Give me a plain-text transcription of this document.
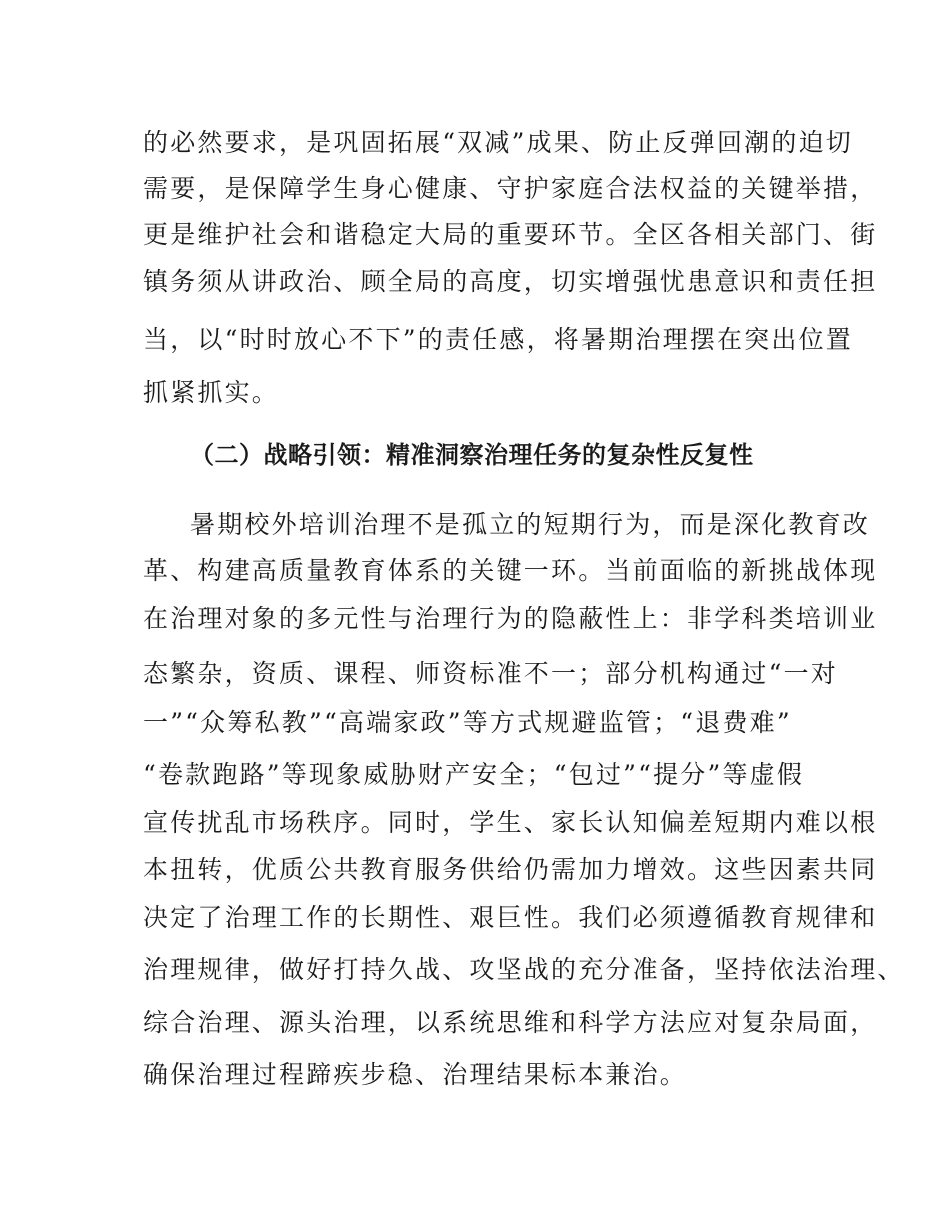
的必然要求，是巩固拓展“双减”成果、防止反弹回潮的迫切
需要，是保障学生身心健康、守护家庭合法权益的关键举措，
更是维护社会和谐稳定大局的重要环节。全区各相关部门、街
镇务须从讲政治、顾全局的高度，切实增强忧患意识和责任担
当，以“时时放心不下”的责任感，将暑期治理摆在突出位置
抓紧抓实。
（二）战略引领：精准洞察治理任务的复杂性反复性
暑期校外培训治理不是孤立的短期行为，而是深化教育改
革、构建高质量教育体系的关键一环。当前面临的新挑战体现
在治理对象的多元性与治理行为的隐蔽性上：非学科类培训业
态繁杂，资质、课程、师资标准不一；部分机构通过“一对
一”“众筹私教”“高端家政”等方式规避监管；“退费难”
“卷款跑路”等现象威胁财产安全；“包过”“提分”等虚假
宣传扰乱市场秩序。同时，学生、家长认知偏差短期内难以根
本扭转，优质公共教育服务供给仍需加力增效。这些因素共同
决定了治理工作的长期性、艰巨性。我们必须遵循教育规律和
治理规律，做好打持久战、攻坚战的充分准备，坚持依法治理、
综合治理、源头治理，以系统思维和科学方法应对复杂局面，
确保治理过程蹄疾步稳、治理结果标本兼治。
